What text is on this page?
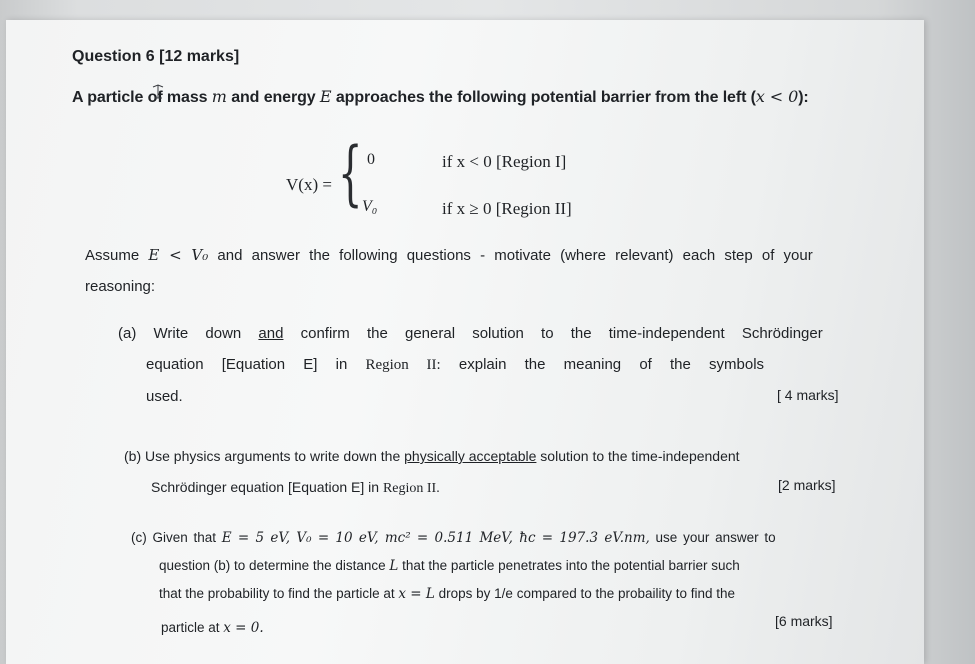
Question 6 [12 marks]
A particle of mass m and energy E approaches the following potential barrier from the left (x < 0):
V(x) = { 0	if x < 0 [Region I]
V₀	if x ≥ 0 [Region II]
Assume E < V₀ and answer the following questions - motivate (where relevant) each step of your
reasoning:
(a) Write down and confirm the general solution to the time-independent Schrödinger
equation [Equation E] in Region II: explain the meaning of the symbols
used.	[ 4 marks]
(b) Use physics arguments to write down the physically acceptable solution to the time-independent
Schrödinger equation [Equation E] in Region II.	[2 marks]
(c) Given that E = 5 eV, V₀ = 10 eV, mc² = 0.511 MeV, ħc = 197.3 eV.nm, use your answer to
question (b) to determine the distance L that the particle penetrates into the potential barrier such
that the probability to find the particle at x = L drops by 1/e compared to the probaility to find the
particle at x = 0.	[6 marks]
